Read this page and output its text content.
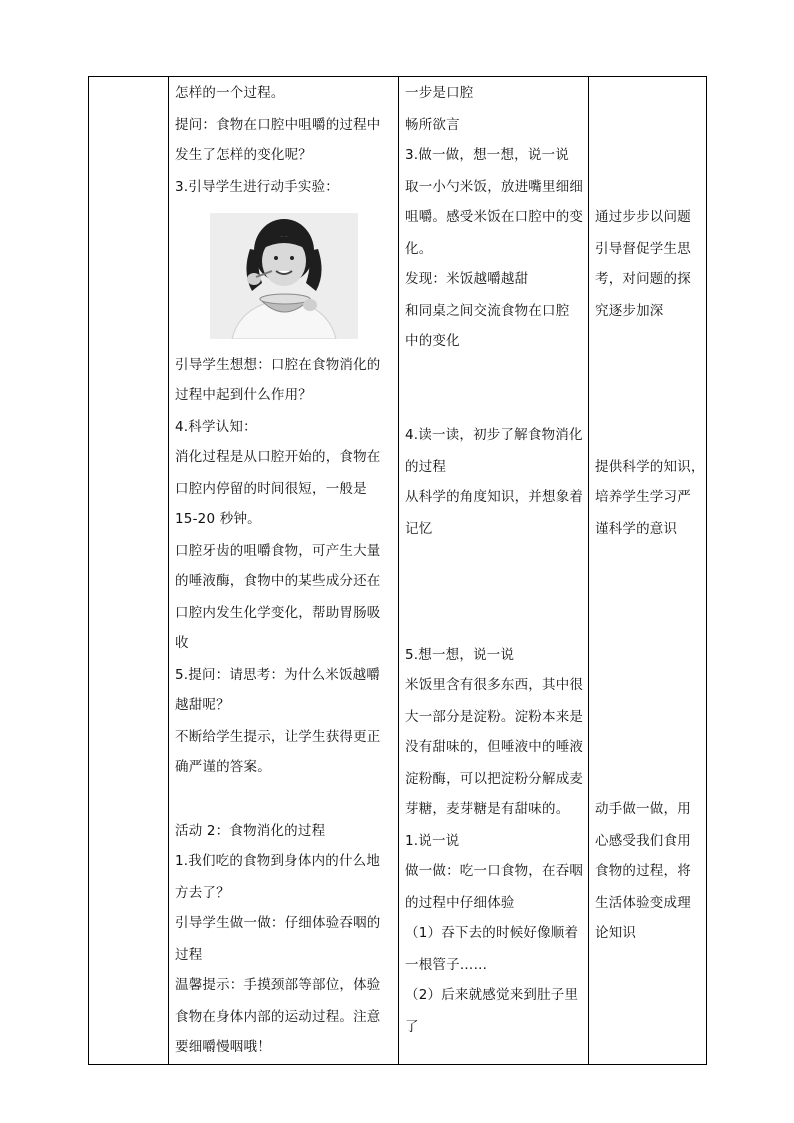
怎样的一个过程。
提问：食物在口腔中咀嚼的过程中
发生了怎样的变化呢？
3.引导学生进行动手实验：
引导学生想想：口腔在食物消化的
过程中起到什么作用？
4.科学认知：
消化过程是从口腔开始的，食物在
口腔内停留的时间很短，一般是
15-20 秒钟。
口腔牙齿的咀嚼食物，可产生大量
的唾液酶，食物中的某些成分还在
口腔内发生化学变化，帮助胃肠吸
收
5.提问：请思考：为什么米饭越嚼
越甜呢？
不断给学生提示，让学生获得更正
确严谨的答案。
活动 2：食物消化的过程
1.我们吃的食物到身体内的什么地
方去了？
引导学生做一做：仔细体验吞咽的
过程
温馨提示：手摸颈部等部位，体验
食物在身体内部的运动过程。注意
要细嚼慢咽哦！
一步是口腔
畅所欲言
3.做一做，想一想，说一说
取一小勺米饭，放进嘴里细细
咀嚼。感受米饭在口腔中的变
化。
发现：米饭越嚼越甜
和同桌之间交流食物在口腔
中的变化
4.读一读，初步了解食物消化
的过程
从科学的角度知识，并想象着
记忆
5.想一想，说一说
米饭里含有很多东西，其中很
大一部分是淀粉。淀粉本来是
没有甜味的，但唾液中的唾液
淀粉酶，可以把淀粉分解成麦
芽糖，麦芽糖是有甜味的。
1.说一说
做一做：吃一口食物，在吞咽
的过程中仔细体验
（1）吞下去的时候好像顺着
一根管子……
（2）后来就感觉来到肚子里
了
通过步步以问题
引导督促学生思
考，对问题的探
究逐步加深
提供科学的知识，
培养学生学习严
谨科学的意识
动手做一做，用
心感受我们食用
食物的过程，将
生活体验变成理
论知识
